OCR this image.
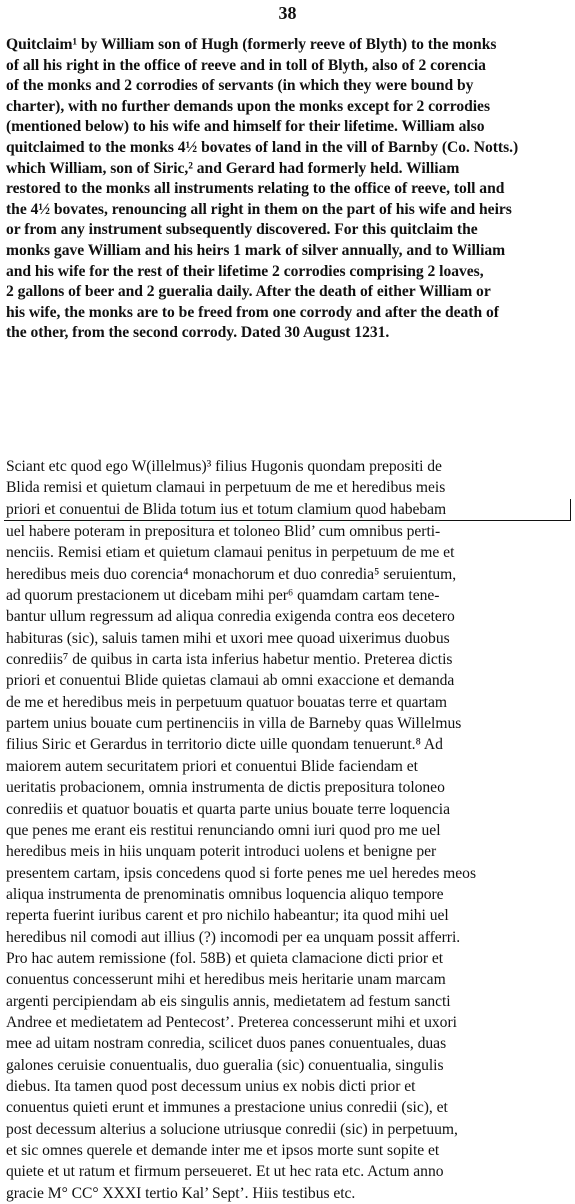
38
Quitclaim¹ by William son of Hugh (formerly reeve of Blyth) to the monks
of all his right in the office of reeve and in toll of Blyth, also of 2 corencia
of the monks and 2 corrodies of servants (in which they were bound by
charter), with no further demands upon the monks except for 2 corrodies
(mentioned below) to his wife and himself for their lifetime. William also
quitclaimed to the monks 4½ bovates of land in the vill of Barnby (Co. Notts.)
which William, son of Siric,² and Gerard had formerly held. William
restored to the monks all instruments relating to the office of reeve, toll and
the 4½ bovates, renouncing all right in them on the part of his wife and heirs
or from any instrument subsequently discovered. For this quitclaim the
monks gave William and his heirs 1 mark of silver annually, and to William
and his wife for the rest of their lifetime 2 corrodies comprising 2 loaves,
2 gallons of beer and 2 gueralia daily. After the death of either William or
his wife, the monks are to be freed from one corrody and after the death of
the other, from the second corrody. Dated 30 August 1231.
Sciant etc quod ego W(illelmus)³ filius Hugonis quondam prepositi de
Blida remisi et quietum clamaui in perpetuum de me et heredibus meis
priori et conuentui de Blida totum ius et totum clamium quod habebam
uel habere poteram in prepositura et toloneo Blid’ cum omnibus perti-
nenciis. Remisi etiam et quietum clamaui penitus in perpetuum de me et
heredibus meis duo corencia⁴ monachorum et duo conredia⁵ seruientum,
ad quorum prestacionem ut dicebam mihi per⁶ quamdam cartam tene-
bantur ullum regressum ad aliqua conredia exigenda contra eos decetero
habituras (sic), saluis tamen mihi et uxori mee quoad uixerimus duobus
conrediis⁷ de quibus in carta ista inferius habetur mentio. Preterea dictis
priori et conuentui Blide quietas clamaui ab omni exaccione et demanda
de me et heredibus meis in perpetuum quatuor bouatas terre et quartam
partem unius bouate cum pertinenciis in villa de Barneby quas Willelmus
filius Siric et Gerardus in territorio dicte uille quondam tenuerunt.⁸ Ad
maiorem autem securitatem priori et conuentui Blide faciendam et
ueritatis probacionem, omnia instrumenta de dictis prepositura toloneo
conrediis et quatuor bouatis et quarta parte unius bouate terre loquencia
que penes me erant eis restitui renunciando omni iuri quod pro me uel
heredibus meis in hiis unquam poterit introduci uolens et benigne per
presentem cartam, ipsis concedens quod si forte penes me uel heredes meos
aliqua instrumenta de prenominatis omnibus loquencia aliquo tempore
reperta fuerint iuribus carent et pro nichilo habeantur; ita quod mihi uel
heredibus nil comodi aut illius (?) incomodi per ea unquam possit afferri.
Pro hac autem remissione (fol. 58B) et quieta clamacione dicti prior et
conuentus concesserunt mihi et heredibus meis heritarie unam marcam
argenti percipiendam ab eis singulis annis, medietatem ad festum sancti
Andree et medietatem ad Pentecost’. Preterea concesserunt mihi et uxori
mee ad uitam nostram conredia, scilicet duos panes conuentuales, duas
galones ceruisie conuentualis, duo gueralia (sic) conuentualia, singulis
diebus. Ita tamen quod post decessum unius ex nobis dicti prior et
conuentus quieti erunt et immunes a prestacione unius conredii (sic), et
post decessum alterius a solucione utriusque conredii (sic) in perpetuum,
et sic omnes querele et demande inter me et ipsos morte sunt sopite et
quiete et ut ratum et firmum perseueret. Et ut hec rata etc. Actum anno
gracie M° CC° XXXI tertio Kal’ Sept’. Hiis testibus etc.
